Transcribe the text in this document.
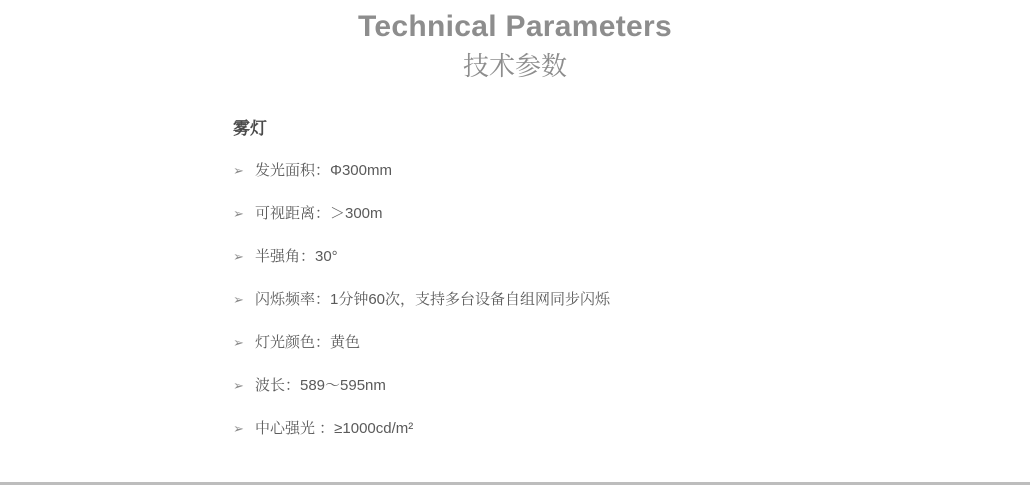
Technical Parameters
技术参数
雾灯
➢ 发光面积：Φ300mm
➢ 可视距离：＞300m
➢ 半强角：30°
➢ 闪烁频率：1分钟60次，支持多台设备自组网同步闪烁
➢ 灯光颜色：黄色
➢ 波长：589～595nm
➢ 中心强光 ：≥1000cd/m²
